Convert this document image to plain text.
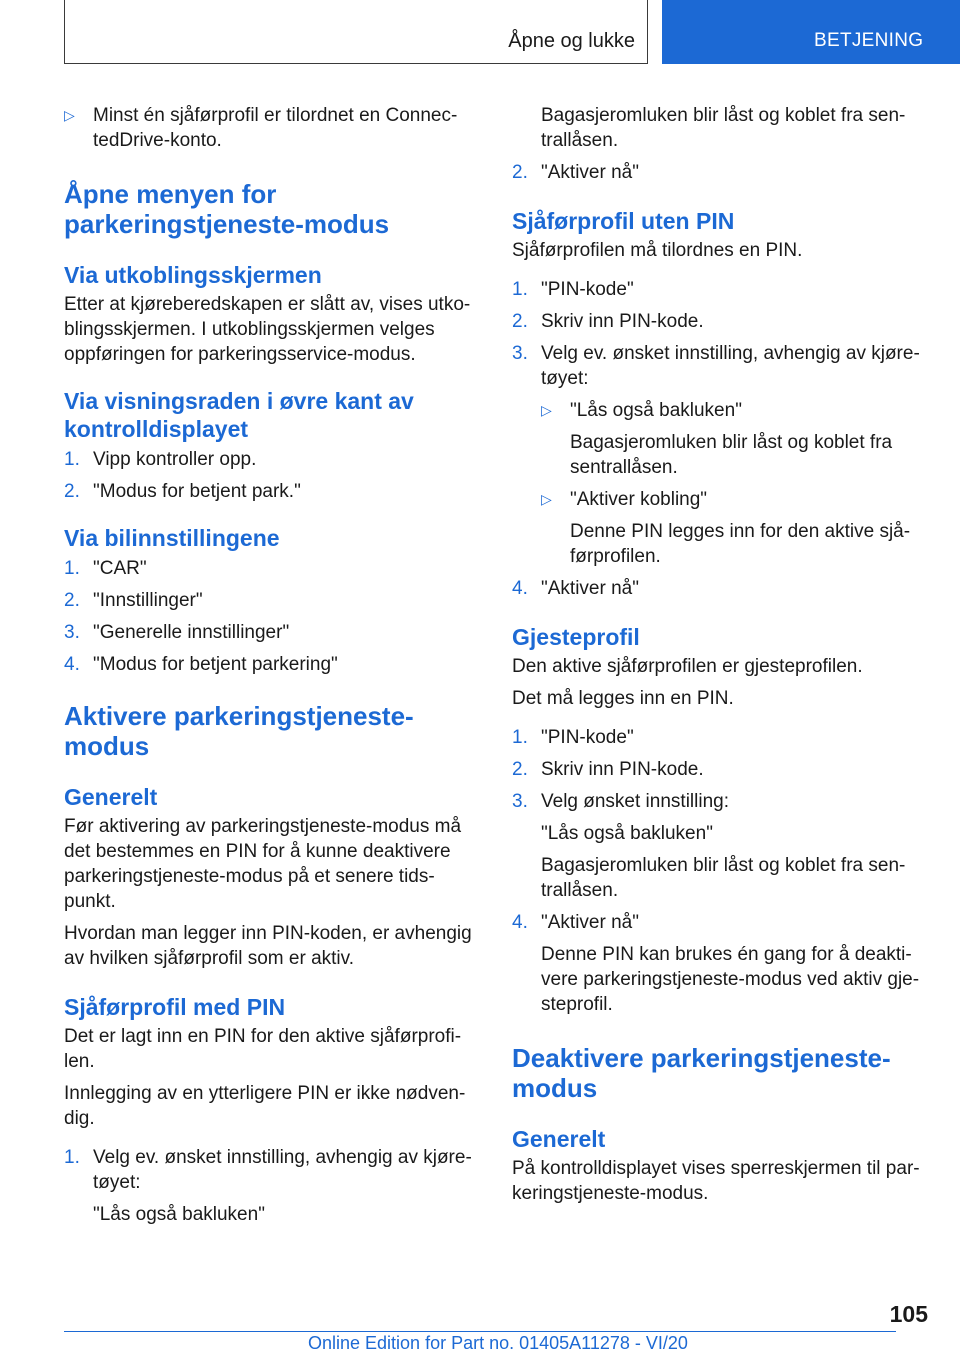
Åpne og lukke	BETJENING
▷ Minst én sjåførprofil er tilordnet en Connec-
tedDrive-konto.
Åpne menyen for
parkeringstjeneste-modus
Via utkoblingsskjermen

Etter at kjøreberedskapen er slått av, vises utko-
blingsskjermen. I utkoblingsskjermen velges
oppføringen for parkeringsservice-modus.

Via visningsraden i øvre kant av
kontrolldisplayet
1. Vipp kontroller opp.
2. "Modus for betjent park."
Via bilinnstillingene
1. "CAR"
2. "Innstillinger"
3. "Generelle innstillinger"
4. "Modus for betjent parkering"
Aktivere parkeringstjeneste-
modus
Generelt

Før aktivering av parkeringstjeneste-modus må
det bestemmes en PIN for å kunne deaktivere
parkeringstjeneste-modus på et senere tids-
punkt.

Hvordan man legger inn PIN-koden, er avhengig
av hvilken sjåførprofil som er aktiv.

Sjåførprofil med PIN

Det er lagt inn en PIN for den aktive sjåførprofi-
len.

Innlegging av en ytterligere PIN er ikke nødven-
dig.

1. Velg ev. ønsket innstilling, avhengig av kjøre-
tøyet:

"Lås også bakluken"

Bagasjeromluken blir låst og koblet fra sen-
trallåsen.

2. "Aktiver nå"
Sjåførprofil uten PIN

Sjåførprofilen må tilordnes en PIN.

1. "PIN-kode"
2. Skriv inn PIN-kode.
3. Velg ev. ønsket innstilling, avhengig av kjøre-
tøyet:
▷ "Lås også bakluken"

Bagasjeromluken blir låst og koblet fra
sentrallåsen.

▷ "Aktiver kobling"

Denne PIN legges inn for den aktive sjå-
førprofilen.

4. "Aktiver nå"
Gjesteprofil

Den aktive sjåførprofilen er gjesteprofilen.

Det må legges inn en PIN.

1. "PIN-kode"
2. Skriv inn PIN-kode.
3. Velg ønsket innstilling:

"Lås også bakluken"

Bagasjeromluken blir låst og koblet fra sen-
trallåsen.

4. "Aktiver nå"

Denne PIN kan brukes én gang for å deakti-
vere parkeringstjeneste-modus ved aktiv gje-
steprofil.

Deaktivere parkeringstjeneste-
modus
Generelt

På kontrolldisplayet vises sperreskjermen til par-
keringstjeneste-modus.

105
Online Edition for Part no. 01405A11278 - VI/20
